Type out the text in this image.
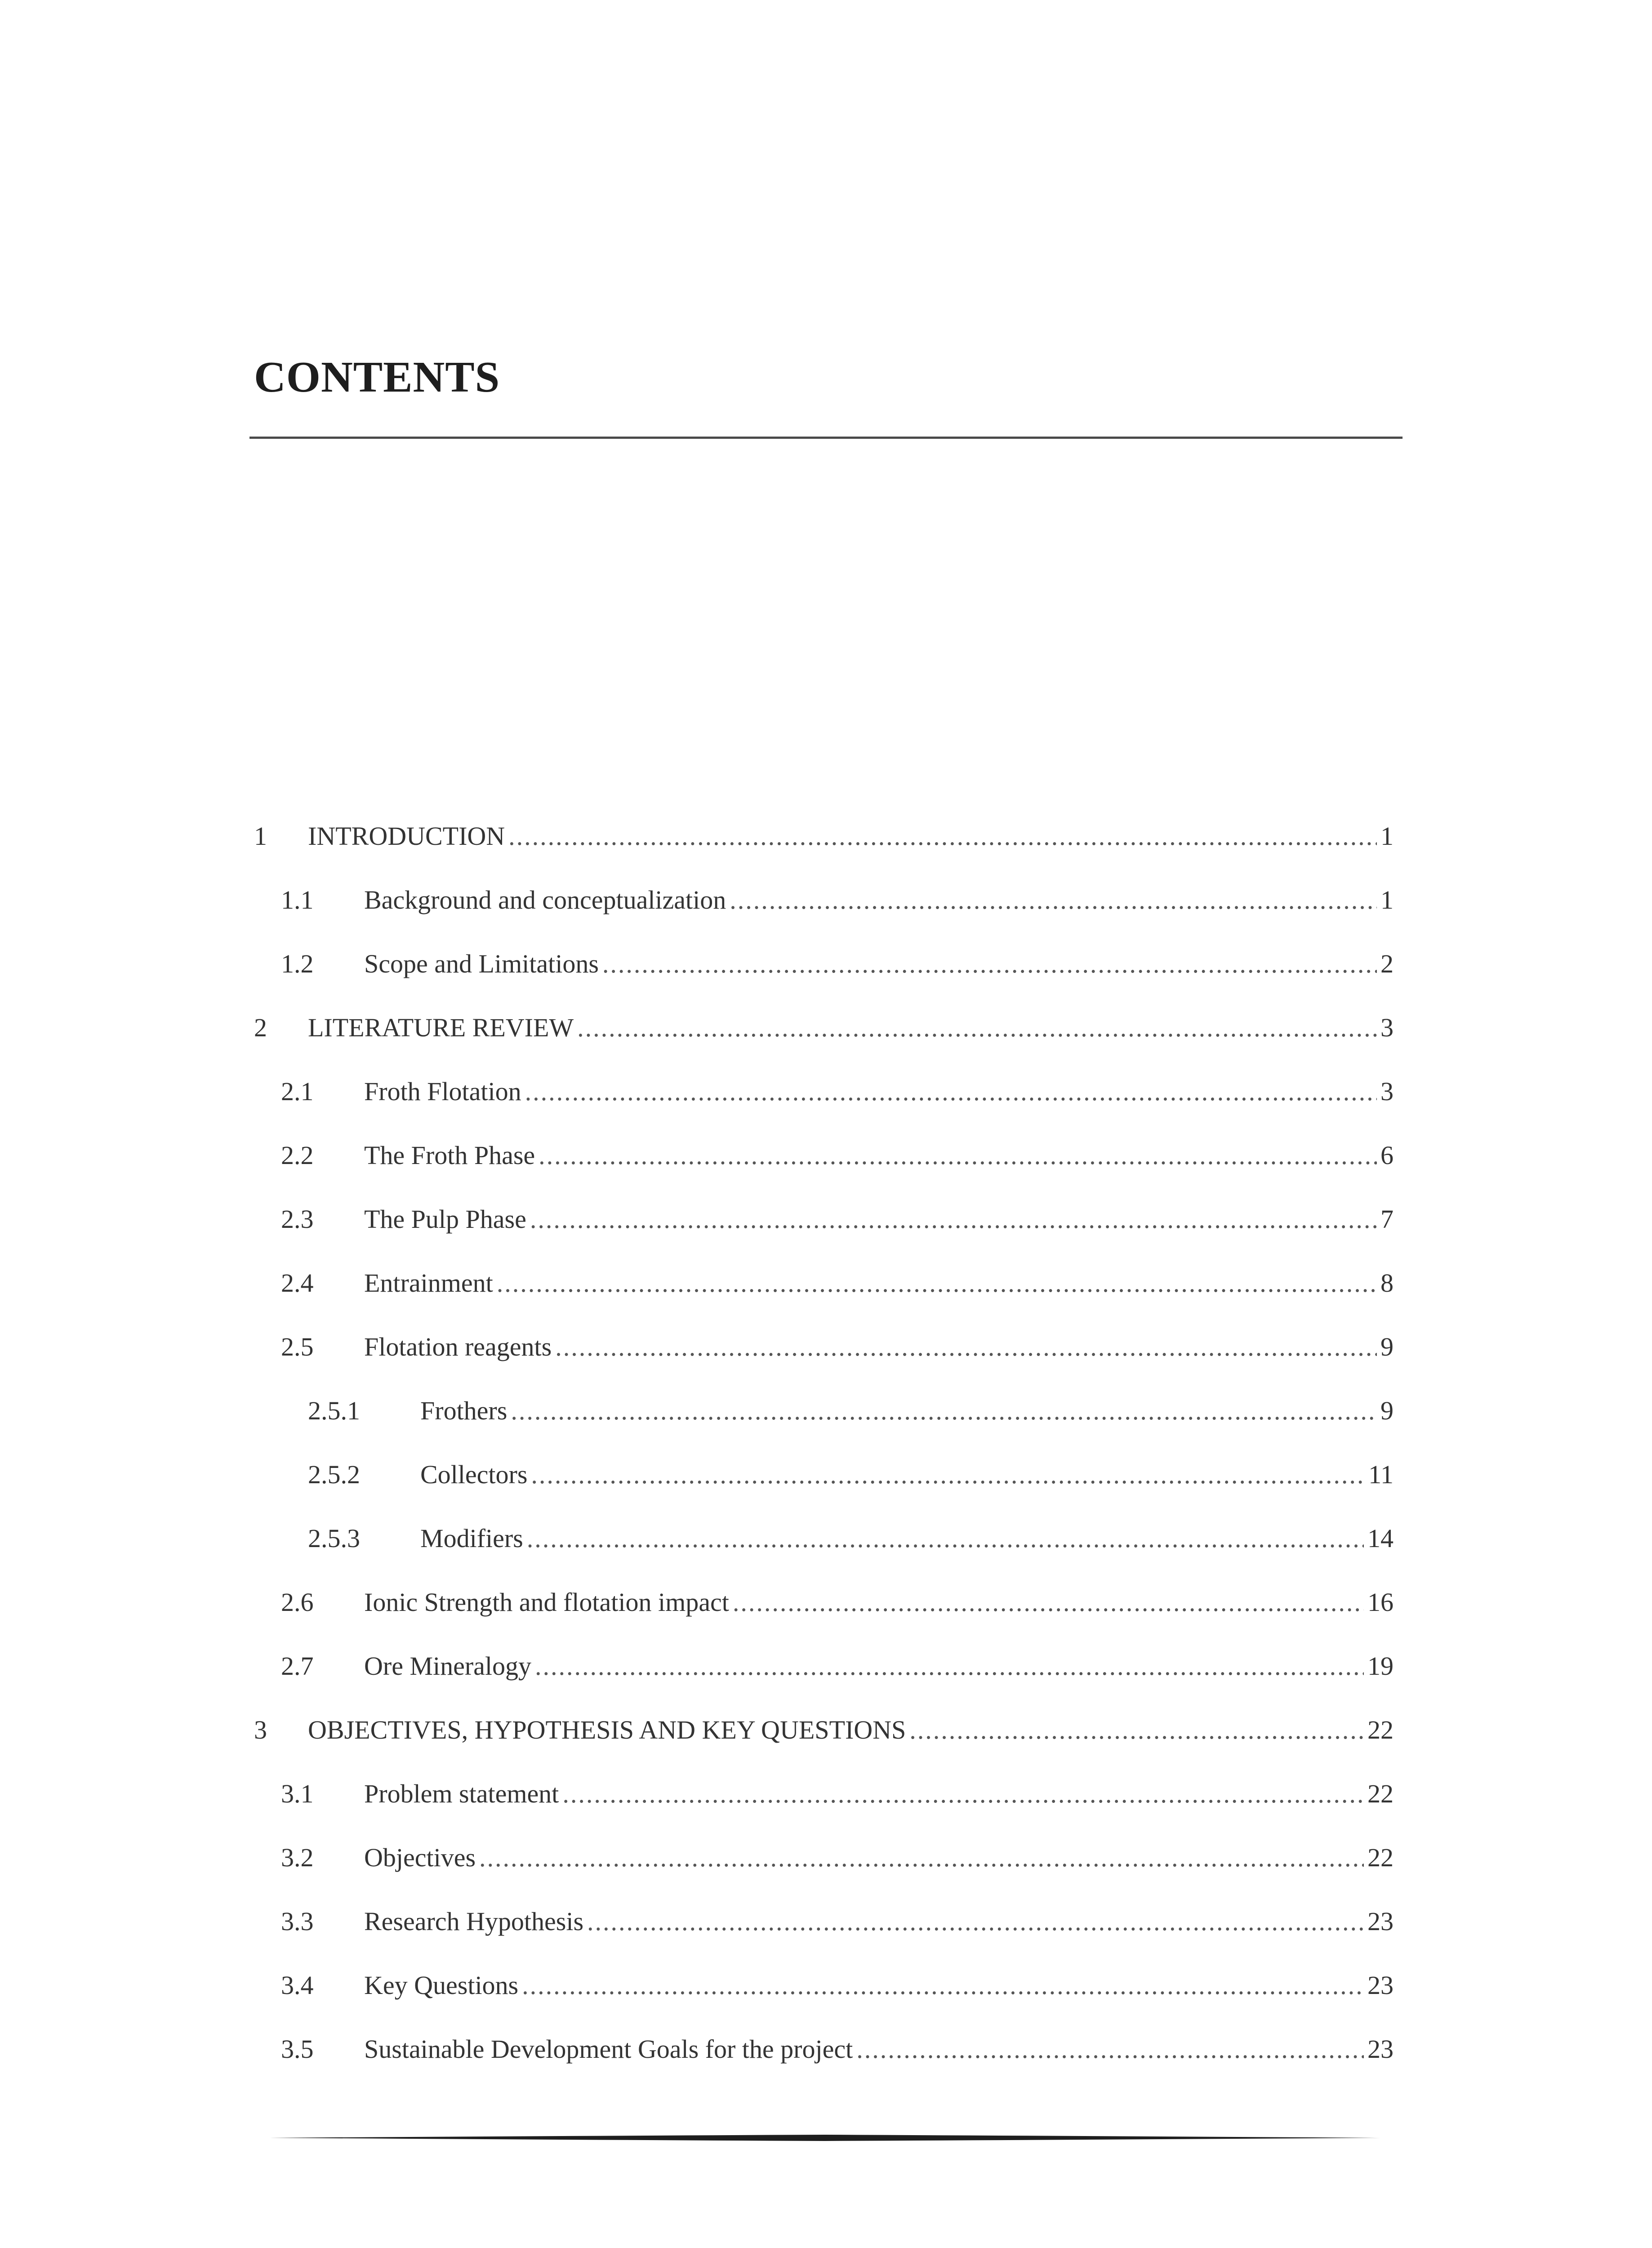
CONTENTS
1	INTRODUCTION .....	1
1.1	Background and conceptualization .....	1
1.2	Scope and Limitations .....	2
2	LITERATURE REVIEW .....	3
2.1	Froth Flotation .....	3
2.2	The Froth Phase .....	6
2.3	The Pulp Phase .....	7
2.4	Entrainment .....	8
2.5	Flotation reagents .....	9
2.5.1	Frothers .....	9
2.5.2	Collectors .....	11
2.5.3	Modifiers .....	14
2.6	Ionic Strength and flotation impact .....	16
2.7	Ore Mineralogy .....	19
3	OBJECTIVES, HYPOTHESIS AND KEY QUESTIONS .....	22
3.1	Problem statement .....	22
3.2	Objectives .....	22
3.3	Research Hypothesis .....	23
3.4	Key Questions .....	23
3.5	Sustainable Development Goals for the project .....	23
